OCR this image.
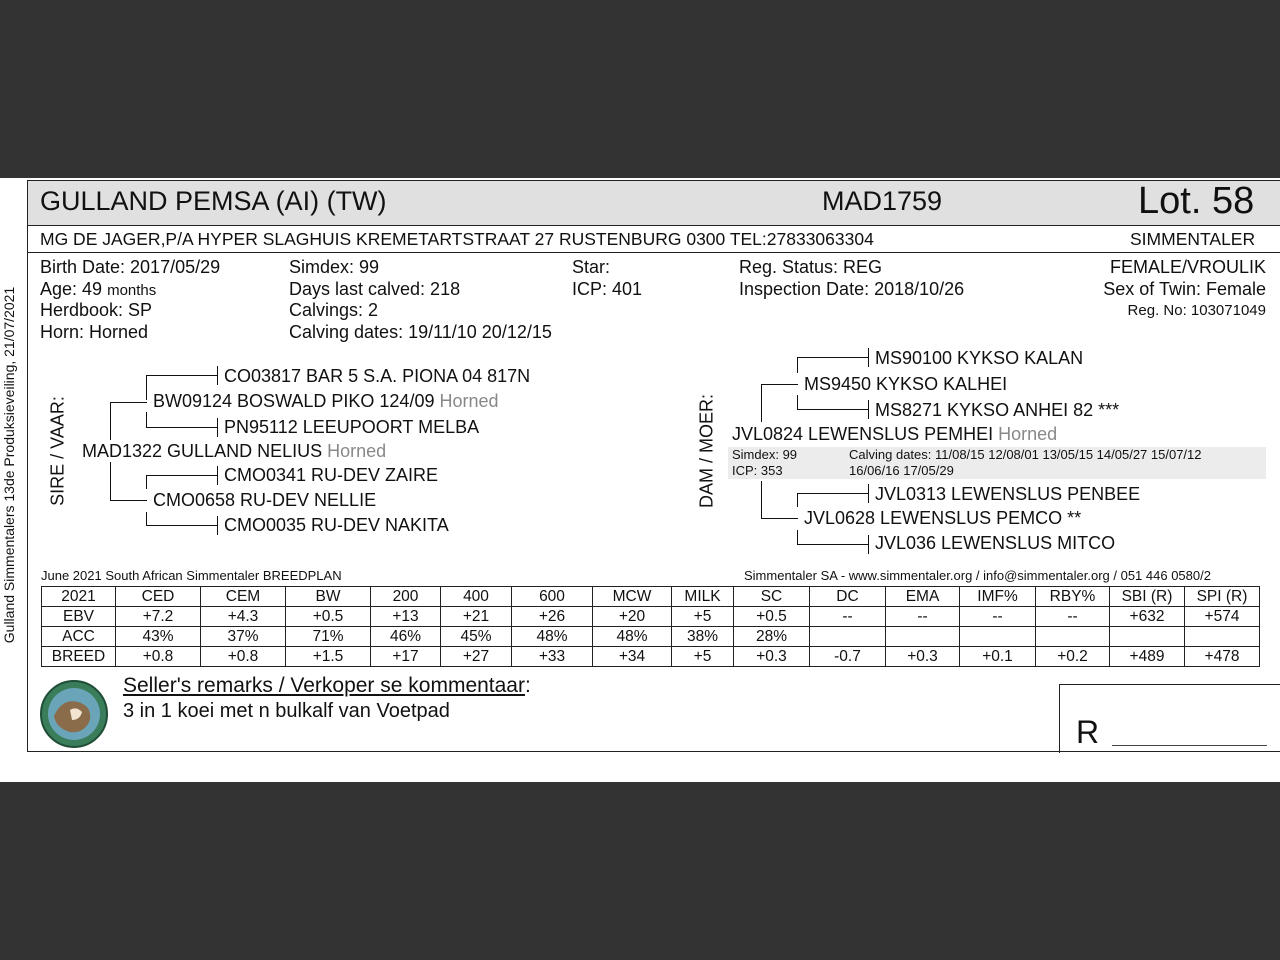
Gulland Simmentalers 13de Produksieveiling, 21/07/2021
GULLAND PEMSA (AI) (TW)	MAD1759	Lot. 58
MG DE JAGER,P/A HYPER SLAGHUIS KREMETARTSTRAAT 27 RUSTENBURG 0300 TEL:27833063304	SIMMENTALER
Birth Date: 2017/05/29
Age: 49 months
Herdbook: SP
Horn: Horned
Simdex: 99
Days last calved: 218
Calvings: 2
Calving dates: 19/11/10 20/12/15
Star:
ICP: 401
Reg. Status: REG
Inspection Date: 2018/10/26
FEMALE/VROULIK
Sex of Twin: Female
Reg. No: 103071049
SIRE / VAAR:
CO03817 BAR 5 S.A. PIONA 04 817N
BW09124 BOSWALD PIKO 124/09 Horned
PN95112 LEEUPOORT MELBA
MAD1322 GULLAND NELIUS Horned
CMO0341 RU-DEV ZAIRE
CMO0658 RU-DEV NELLIE
CMO0035 RU-DEV NAKITA
DAM / MOER:
MS90100 KYKSO KALAN
MS9450 KYKSO KALHEI
MS8271 KYKSO ANHEI 82 ***
JVL0824 LEWENSLUS PEMHEI Horned
Simdex: 99
ICP: 353
Calving dates: 11/08/15 12/08/01 13/05/15 14/05/27 15/07/12
16/06/16 17/05/29
JVL0313 LEWENSLUS PENBEE
JVL0628 LEWENSLUS PEMCO **
JVL036 LEWENSLUS MITCO
June 2021 South African Simmentaler BREEDPLAN	Simmentaler SA - www.simmentaler.org / info@simmentaler.org / 051 446 0580/2
2021	CED	CEM	BW	200	400	600	MCW	MILK	SC	DC	EMA	IMF%	RBY%	SBI (R)	SPI (R)
EBV	+7.2	+4.3	+0.5	+13	+21	+26	+20	+5	+0.5	--	--	--	--	+632	+574
ACC	43%	37%	71%	46%	45%	48%	48%	38%	28%						
BREED	+0.8	+0.8	+1.5	+17	+27	+33	+34	+5	+0.3	-0.7	+0.3	+0.1	+0.2	+489	+478
Seller's remarks / Verkoper se kommentaar:
3 in 1 koei met n bulkalf van Voetpad
R
